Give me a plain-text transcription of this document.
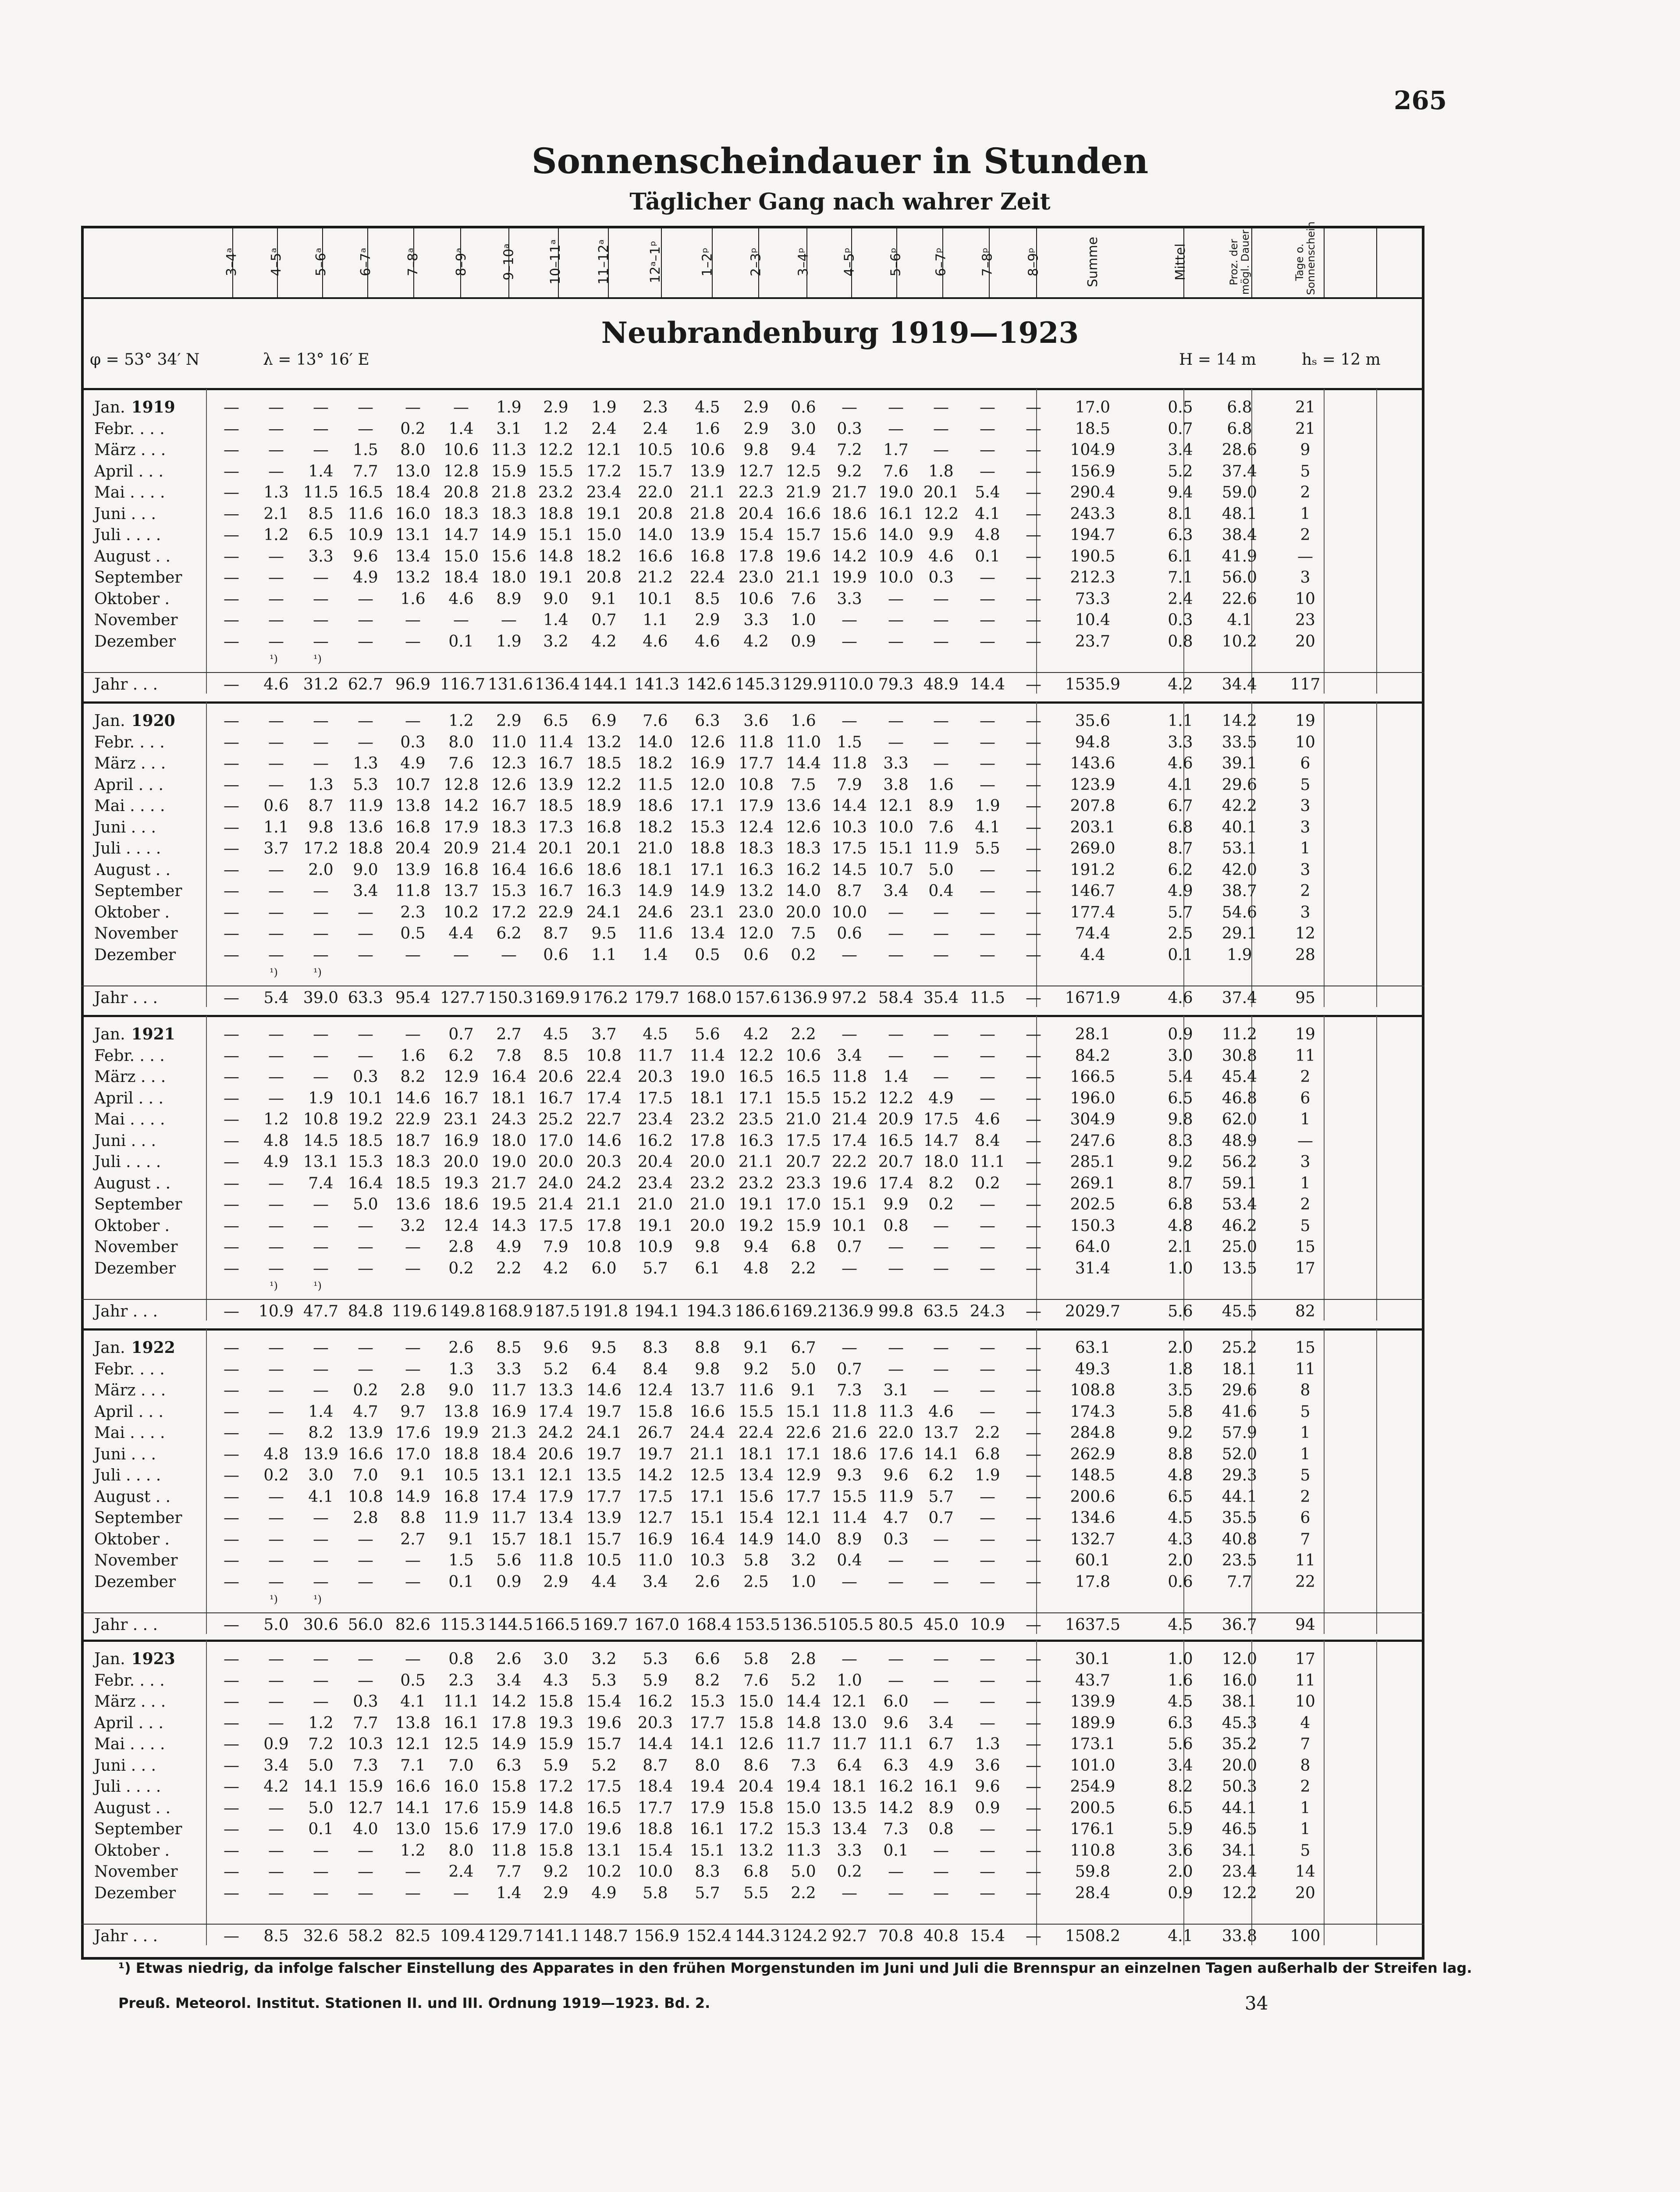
265
Sonnenscheindauer in Stunden
Täglicher Gang nach wahrer Zeit
3–4ᵃ 4–5ᵃ 5–6ᵃ 6–7ᵃ 7–8ᵃ	8–9ᵃ 9–10ᵃ 10–11ᵃ	11–12ᵃ	12ᵃ–1ᵖ	1–2ᵖ	2–3ᵖ 3–4ᵖ 4–5ᵖ 5–6ᵖ 6–7ᵖ 7–8ᵖ 8–9ᵖ	Summe	Mittel	Proz. der mögl. Dauer	Tage o. Sonnenschein
Neubrandenburg 1919—1923
φ = 53° 34′ N	λ = 13° 16′ E	H = 14 m	hₛ = 12 m
Jan. 1919	—	—	—	—	—	—	1.9	2.9	1.9	2.3	4.5	2.9	0.6	—	—	—	—	—	17.0	0.5	6.8	21
Febr. . . .	—	—	—	—	0.2	1.4	3.1	1.2	2.4	2.4	1.6	2.9	3.0	0.3	—	—	—	—	18.5	0.7	6.8	21
März . . .	—	—	—	1.5	8.0	10.6 11.3 12.2 12.1 10.5 10.6	9.8	9.4	7.2	1.7	—	—	—	104.9	3.4	28.6	9
April . . .	—	—	1.4	7.7	13.0 12.8 15.9 15.5 17.2 15.7 13.9 12.7 12.5	9.2	7.6	1.8	—	—	156.9	5.2	37.4	5
Mai . . . .	—	1.3 11.5 16.5 18.4 20.8 21.8 23.2 23.4 22.0 21.1 22.3 21.9 21.7 19.0 20.1	5.4	—	290.4	9.4	59.0	2
Juni . . .	—	2.1	8.5 11.6 16.0 18.3 18.3 18.8 19.1 20.8 21.8 20.4 16.6 18.6 16.1 12.2	4.1	—	243.3	8.1	48.1	1
Juli . . . .	—	1.2	6.5 10.9 13.1 14.7 14.9 15.1 15.0 14.0 13.9 15.4 15.7 15.6 14.0 9.9	4.8	—	194.7	6.3	38.4	2
August . .	—	—	3.3	9.6	13.4 15.0 15.6 14.8 18.2 16.6 16.8 17.8 19.6 14.2 10.9 4.6	0.1	—	190.5	6.1	41.9	—
September	—	—	—	4.9	13.2 18.4 18.0 19.1 20.8 21.2 22.4 23.0 21.1 19.9 10.0 0.3	—	—	212.3	7.1	56.0	3
Oktober .	—	—	—	—	1.6	4.6	8.9	9.0	9.1	10.1	8.5	10.6	7.6	3.3	—	—	—	—	73.3	2.4	22.6	10
November	—	—	—	—	—	—	—	1.4	0.7	1.1	2.9	3.3	1.0	—	—	—	—	—	10.4	0.3	4.1	23
Dezember	—	—	—	—	—	0.1	1.9	3.2	4.2	4.6	4.6	4.2	0.9	—	—	—	—	—	23.7	0.8	10.2	20
¹)	¹)
Jahr . . .	—	4.6 31.2 62.7 96.9 116.7 131.6 136.4 144.1 141.3 142.6 145.3 129.9 110.0 79.3 48.9 14.4	—	1535.9	4.2	34.4	117
Jan. 1920	—	—	—	—	—	1.2	2.9	6.5	6.9	7.6	6.3	3.6	1.6	—	—	—	—	—	35.6	1.1	14.2	19
Febr. . . .	—	—	—	—	0.3	8.0	11.0 11.4 13.2 14.0 12.6 11.8 11.0	1.5	—	—	—	—	94.8	3.3	33.5	10
März . . .	—	—	—	1.3	4.9	7.6	12.3 16.7 18.5 18.2 16.9 17.7 14.4 11.8	3.3	—	—	—	143.6	4.6	39.1	6
April . . .	—	—	1.3	5.3	10.7 12.8 12.6 13.9 12.2 11.5 12.0 10.8	7.5	7.9	3.8	1.6	—	—	123.9	4.1	29.6	5
Mai . . . .	—	0.6	8.7 11.9 13.8 14.2 16.7 18.5 18.9 18.6 17.1 17.9 13.6 14.4 12.1 8.9	1.9	—	207.8	6.7	42.2	3
Juni . . .	—	1.1	9.8 13.6 16.8 17.9 18.3 17.3 16.8 18.2 15.3 12.4 12.6 10.3 10.0 7.6	4.1	—	203.1	6.8	40.1	3
Juli . . . .	—	3.7 17.2 18.8 20.4 20.9 21.4 20.1 20.1 21.0 18.8 18.3 18.3 17.5 15.1 11.9	5.5	—	269.0	8.7	53.1	1
August . .	—	—	2.0	9.0	13.9 16.8 16.4 16.6 18.6 18.1 17.1 16.3 16.2 14.5 10.7 5.0	—	—	191.2	6.2	42.0	3
September	—	—	—	3.4	11.8 13.7 15.3 16.7 16.3 14.9 14.9 13.2 14.0	8.7	3.4	0.4	—	—	146.7	4.9	38.7	2
Oktober .	—	—	—	—	2.3	10.2 17.2 22.9 24.1 24.6 23.1 23.0 20.0 10.0	—	—	—	—	177.4	5.7	54.6	3
November	—	—	—	—	0.5	4.4	6.2	8.7	9.5	11.6 13.4 12.0	7.5	0.6	—	—	—	—	74.4	2.5	29.1	12
Dezember	—	—	—	—	—	—	—	0.6	1.1	1.4	0.5	0.6	0.2	—	—	—	—	—	4.4	0.1	1.9	28
¹)	¹)
Jahr . . .	—	5.4 39.0 63.3 95.4 127.7 150.3 169.9 176.2 179.7 168.0 157.6 136.9 97.2 58.4 35.4 11.5	—	1671.9	4.6	37.4	95
Jan. 1921	—	—	—	—	—	0.7	2.7	4.5	3.7	4.5	5.6	4.2	2.2	—	—	—	—	—	28.1	0.9	11.2	19
Febr. . . .	—	—	—	—	1.6	6.2	7.8	8.5	10.8 11.7 11.4 12.2 10.6	3.4	—	—	—	—	84.2	3.0	30.8	11
März . . .	—	—	—	0.3	8.2	12.9 16.4 20.6 22.4 20.3 19.0 16.5 16.5 11.8	1.4	—	—	—	166.5	5.4	45.4	2
April . . .	—	—	1.9 10.1 14.6 16.7 18.1 16.7 17.4 17.5 18.1 17.1 15.5 15.2 12.2 4.9	—	—	196.0	6.5	46.8	6
Mai . . . .	—	1.2 10.8 19.2 22.9 23.1 24.3 25.2 22.7 23.4 23.2 23.5 21.0 21.4 20.9 17.5	4.6	—	304.9	9.8	62.0	1
Juni . . .	—	4.8 14.5 18.5 18.7 16.9 18.0 17.0 14.6 16.2 17.8 16.3 17.5 17.4 16.5 14.7	8.4	—	247.6	8.3	48.9	—
Juli . . . .	—	4.9 13.1 15.3 18.3 20.0 19.0 20.0 20.3 20.4 20.0 21.1 20.7 22.2 20.7 18.0 11.1	—	285.1	9.2	56.2	3
August . .	—	—	7.4 16.4 18.5 19.3 21.7 24.0 24.2 23.4 23.2 23.2 23.3 19.6 17.4 8.2	0.2	—	269.1	8.7	59.1	1
September	—	—	—	5.0	13.6 18.6 19.5 21.4 21.1 21.0 21.0 19.1 17.0 15.1	9.9	0.2	—	—	202.5	6.8	53.4	2
Oktober .	—	—	—	—	3.2	12.4 14.3 17.5 17.8 19.1 20.0 19.2 15.9 10.1	0.8	—	—	—	150.3	4.8	46.2	5
November	—	—	—	—	—	2.8	4.9	7.9	10.8 10.9	9.8	9.4	6.8	0.7	—	—	—	—	64.0	2.1	25.0	15
Dezember	—	—	—	—	—	0.2	2.2	4.2	6.0	5.7	6.1	4.8	2.2	—	—	—	—	—	31.4	1.0	13.5	17
¹)	¹)
Jahr . . .	—	10.9 47.7 84.8 119.6 149.8 168.9 187.5 191.8 194.1 194.3 186.6 169.2 136.9 99.8 63.5 24.3	—	2029.7	5.6	45.5	82
Jan. 1922	—	—	—	—	—	2.6	8.5	9.6	9.5	8.3	8.8	9.1	6.7	—	—	—	—	—	63.1	2.0	25.2	15
Febr. . . .	—	—	—	—	—	1.3	3.3	5.2	6.4	8.4	9.8	9.2	5.0	0.7	—	—	—	—	49.3	1.8	18.1	11
März . . .	—	—	—	0.2	2.8	9.0	11.7 13.3 14.6 12.4 13.7 11.6	9.1	7.3	3.1	—	—	—	108.8	3.5	29.6	8
April . . .	—	—	1.4	4.7	9.7	13.8 16.9 17.4 19.7 15.8 16.6 15.5 15.1 11.8 11.3 4.6	—	—	174.3	5.8	41.6	5
Mai . . . .	—	—	8.2 13.9 17.6 19.9 21.3 24.2 24.1 26.7 24.4 22.4 22.6 21.6 22.0 13.7	2.2	—	284.8	9.2	57.9	1
Juni . . .	—	4.8 13.9 16.6 17.0 18.8 18.4 20.6 19.7 19.7 21.1 18.1 17.1 18.6 17.6 14.1	6.8	—	262.9	8.8	52.0	1
Juli . . . .	—	0.2	3.0	7.0	9.1	10.5 13.1 12.1 13.5 14.2 12.5 13.4 12.9	9.3	9.6	6.2	1.9	—	148.5	4.8	29.3	5
August . .	—	—	4.1 10.8 14.9 16.8 17.4 17.9 17.7 17.5 17.1 15.6 17.7 15.5 11.9 5.7	—	—	200.6	6.5	44.1	2
September	—	—	—	2.8	8.8	11.9 11.7 13.4 13.9 12.7 15.1 15.4 12.1 11.4	4.7	0.7	—	—	134.6	4.5	35.5	6
Oktober .	—	—	—	—	2.7	9.1	15.7 18.1 15.7 16.9 16.4 14.9 14.0	8.9	0.3	—	—	—	132.7	4.3	40.8	7
November	—	—	—	—	—	1.5	5.6	11.8 10.5 11.0 10.3	5.8	3.2	0.4	—	—	—	—	60.1	2.0	23.5	11
Dezember	—	—	—	—	—	0.1	0.9	2.9	4.4	3.4	2.6	2.5	1.0	—	—	—	—	—	17.8	0.6	7.7	22
¹)	¹)
Jahr . . .	—	5.0 30.6 56.0 82.6 115.3 144.5 166.5 169.7 167.0 168.4 153.5 136.5 105.5 80.5 45.0 10.9	—	1637.5	4.5	36.7	94
Jan. 1923	—	—	—	—	—	0.8	2.6	3.0	3.2	5.3	6.6	5.8	2.8	—	—	—	—	—	30.1	1.0	12.0	17
Febr. . . .	—	—	—	—	0.5	2.3	3.4	4.3	5.3	5.9	8.2	7.6	5.2	1.0	—	—	—	—	43.7	1.6	16.0	11
März . . .	—	—	—	0.3	4.1	11.1 14.2 15.8 15.4 16.2 15.3 15.0 14.4 12.1	6.0	—	—	—	139.9	4.5	38.1	10
April . . .	—	—	1.2	7.7	13.8 16.1 17.8 19.3 19.6 20.3 17.7 15.8 14.8 13.0	9.6	3.4	—	—	189.9	6.3	45.3	4
Mai . . . .	—	0.9	7.2 10.3 12.1 12.5 14.9 15.9 15.7 14.4 14.1 12.6 11.7 11.7 11.1 6.7	1.3	—	173.1	5.6	35.2	7
Juni . . .	—	3.4	5.0	7.3	7.1	7.0	6.3	5.9	5.2	8.7	8.0	8.6	7.3	6.4	6.3	4.9	3.6	—	101.0	3.4	20.0	8
Juli . . . .	—	4.2 14.1 15.9 16.6 16.0 15.8 17.2 17.5 18.4 19.4 20.4 19.4 18.1 16.2 16.1	9.6	—	254.9	8.2	50.3	2
August . .	—	—	5.0 12.7 14.1 17.6 15.9 14.8 16.5 17.7 17.9 15.8 15.0 13.5 14.2 8.9	0.9	—	200.5	6.5	44.1	1
September	—	—	0.1	4.0	13.0 15.6 17.9 17.0 19.6 18.8 16.1 17.2 15.3 13.4	7.3	0.8	—	—	176.1	5.9	46.5	1
Oktober .	—	—	—	—	1.2	8.0	11.8 15.8 13.1 15.4 15.1 13.2 11.3	3.3	0.1	—	—	—	110.8	3.6	34.1	5
November	—	—	—	—	—	2.4	7.7	9.2	10.2 10.0	8.3	6.8	5.0	0.2	—	—	—	—	59.8	2.0	23.4	14
Dezember	—	—	—	—	—	—	1.4	2.9	4.9	5.8	5.7	5.5	2.2	—	—	—	—	—	28.4	0.9	12.2	20
Jahr . . .	—	8.5 32.6 58.2 82.5 109.4 129.7 141.1 148.7 156.9 152.4 144.3 124.2 92.7 70.8 40.8 15.4	—	1508.2	4.1	33.8	100
¹) Etwas niedrig, da infolge falscher Einstellung des Apparates in den frühen Morgenstunden im Juni und Juli die Brennspur an einzelnen Tagen außerhalb der Streifen lag.
Preuß. Meteorol. Institut. Stationen II. und III. Ordnung 1919—1923. Bd. 2.	34
